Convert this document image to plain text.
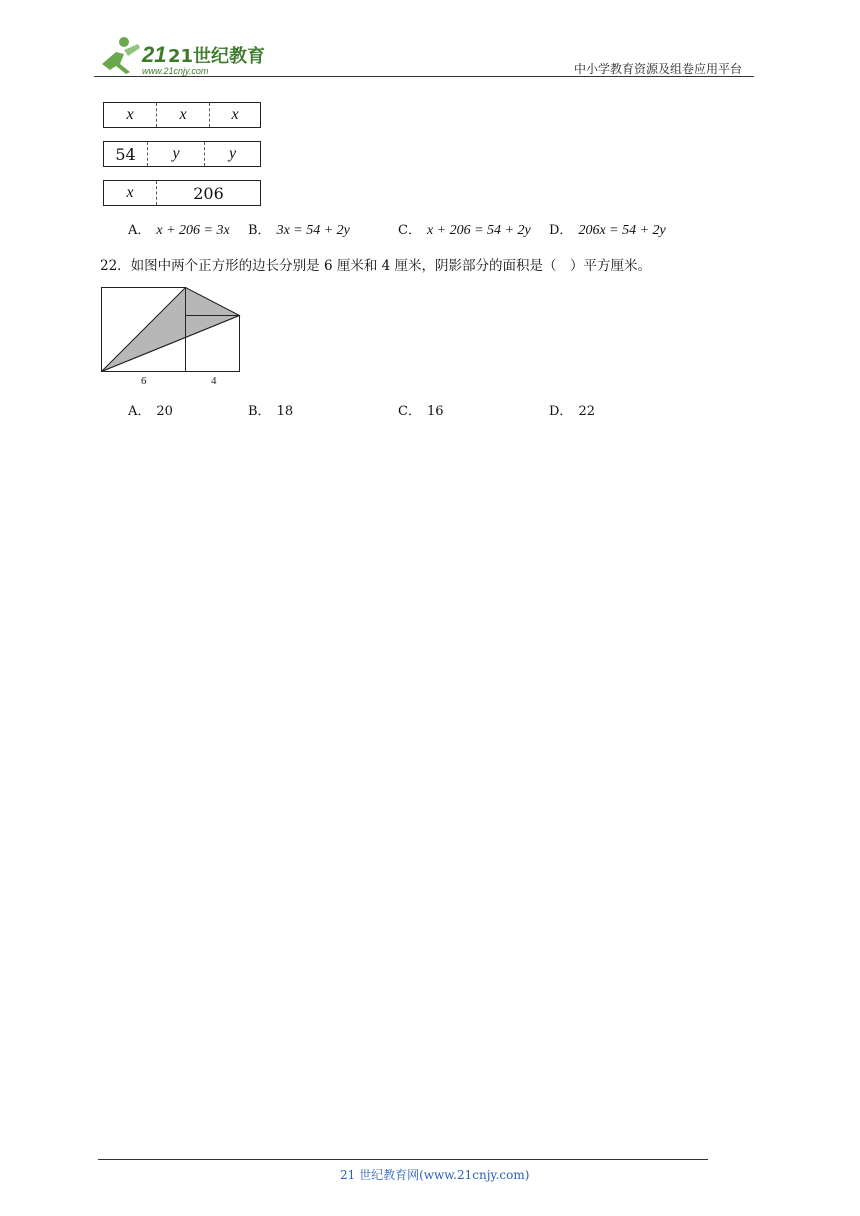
21 21世纪教育
www.21cnjy.com	中小学教育资源及组卷应用平台
x	x	x
54	y	y
x	206
A． x + 206 = 3x B． 3x = 54 + 2y	C． x + 206 = 54 + 2y D． 206x = 54 + 2y
22．如图中两个正方形的边长分别是 6 厘米和 4 厘米，阴影部分的面积是（　）平方厘米。
6	4
A． 20	B． 18	C． 16	D． 22
21 世纪教育网(www.21cnjy.com)
